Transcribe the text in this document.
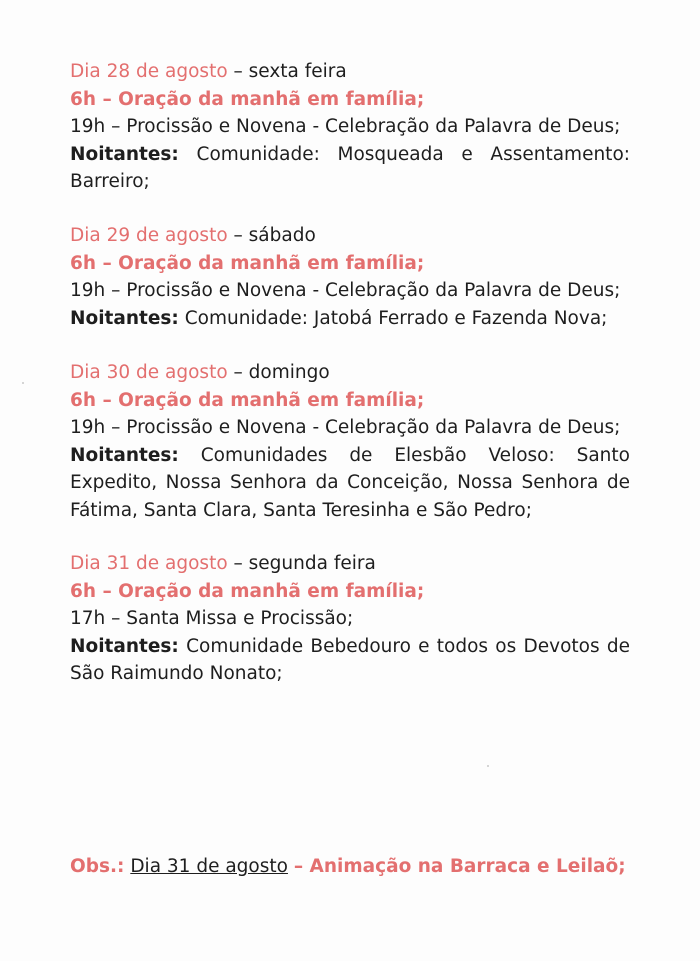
Dia 28 de agosto – sexta feira
6h – Oração da manhã em família;
19h – Procissão e Novena - Celebração da Palavra de Deus;
Noitantes: Comunidade: Mosqueada e Assentamento: Barreiro;
Dia 29 de agosto – sábado
6h – Oração da manhã em família;
19h – Procissão e Novena - Celebração da Palavra de Deus;
Noitantes: Comunidade: Jatobá Ferrado e Fazenda Nova;
Dia 30 de agosto – domingo
6h – Oração da manhã em família;
19h – Procissão e Novena - Celebração da Palavra de Deus;
Noitantes: Comunidades de Elesbão Veloso: Santo Expedito, Nossa Senhora da Conceição, Nossa Senhora de Fátima, Santa Clara, Santa Teresinha e São Pedro;
Dia 31 de agosto – segunda feira
6h – Oração da manhã em família;
17h – Santa Missa e Procissão;
Noitantes: Comunidade Bebedouro e todos os Devotos de São Raimundo Nonato;
Obs.: Dia 31 de agosto – Animação na Barraca e Leilaõ;
